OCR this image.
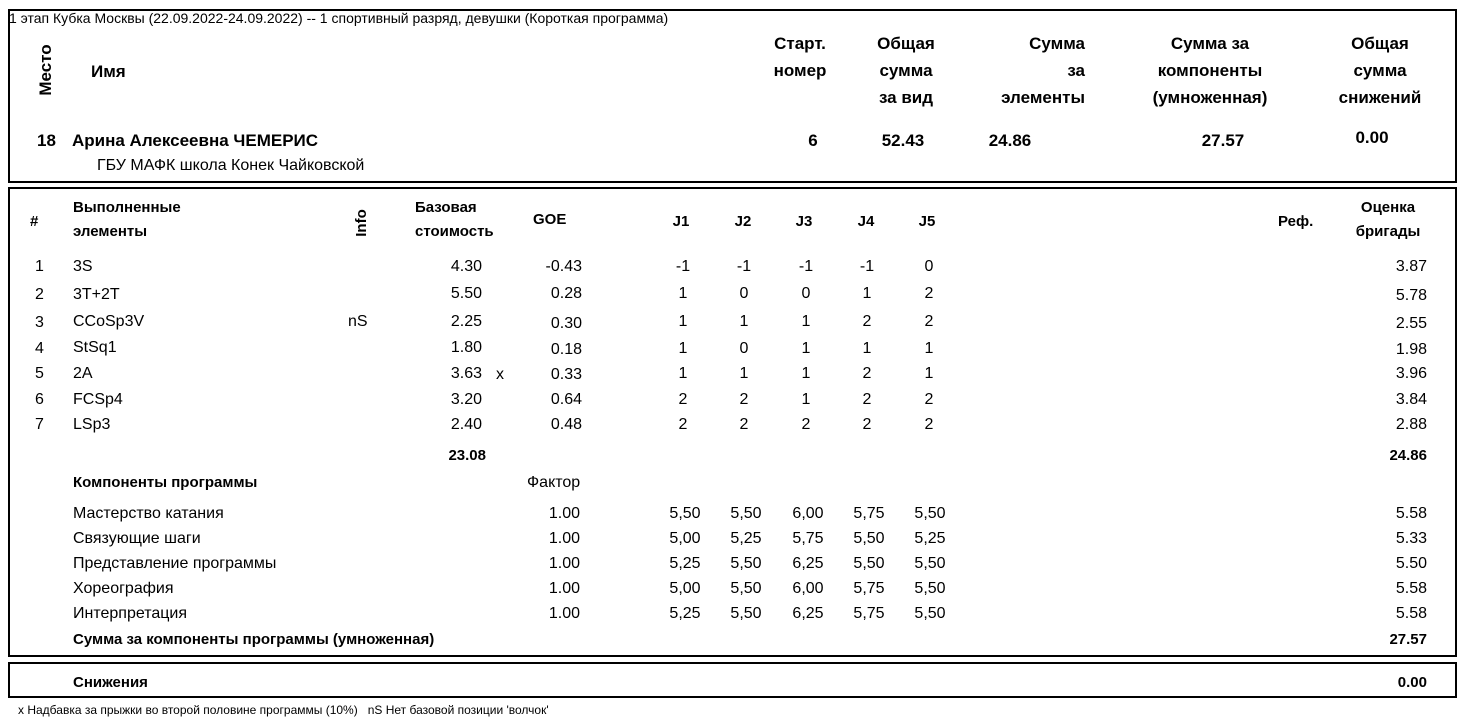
1 этап Кубка Москвы (22.09.2022-24.09.2022) -- 1 спортивный разряд, девушки (Короткая программа)
Место Имя
Старт.
номер
Общая
сумма
за вид
Сумма
за
элементы
Сумма за
компоненты
(умноженная)
Общая
сумма
снижений
18 Арина Алексеевна ЧЕМЕРИС
ГБУ МАФК школа Конек Чайковской
6	52.43	24.86	27.57	0.00
#
Выполненные
элементы	Info
Базовая
стоимость
GOE	J1	J2	J3	J4	J5	Реф.
Оценка
бригады
1 3S	4.30	-0.43	-1	-1	-1	-1	0	3.87
2 3T+2T	5.50	0.28	1	0	0	1	2	5.78
3 CCoSp3V	nS	2.25	0.30	1	1	1	2	2	2.55
4 StSq1	1.80	0.18	1	0	1	1	1	1.98
5 2A	3.63 x	0.33	1	1	1	2	1	3.96
6 FCSp4	3.20	0.64	2	2	1	2	2	3.84
7 LSp3	2.40	0.48	2	2	2	2	2	2.88
23.08	24.86
Компоненты программы	Фактор
Мастерство катания	1.00	5,50	5,50	6,00	5,75	5,50	5.58
Связующие шаги	1.00	5,00	5,25	5,75	5,50	5,25	5.33
Представление программы	1.00	5,25	5,50	6,25	5,50	5,50	5.50
Хореография	1.00	5,00	5,50	6,00	5,75	5,50	5.58
Интерпретация	1.00	5,25	5,50	6,25	5,75	5,50	5.58
Сумма за компоненты программы (умноженная)	27.57
Снижения	0.00
x Надбавка за прыжки во второй половине программы (10%)   nS Нет базовой позиции 'волчок'
